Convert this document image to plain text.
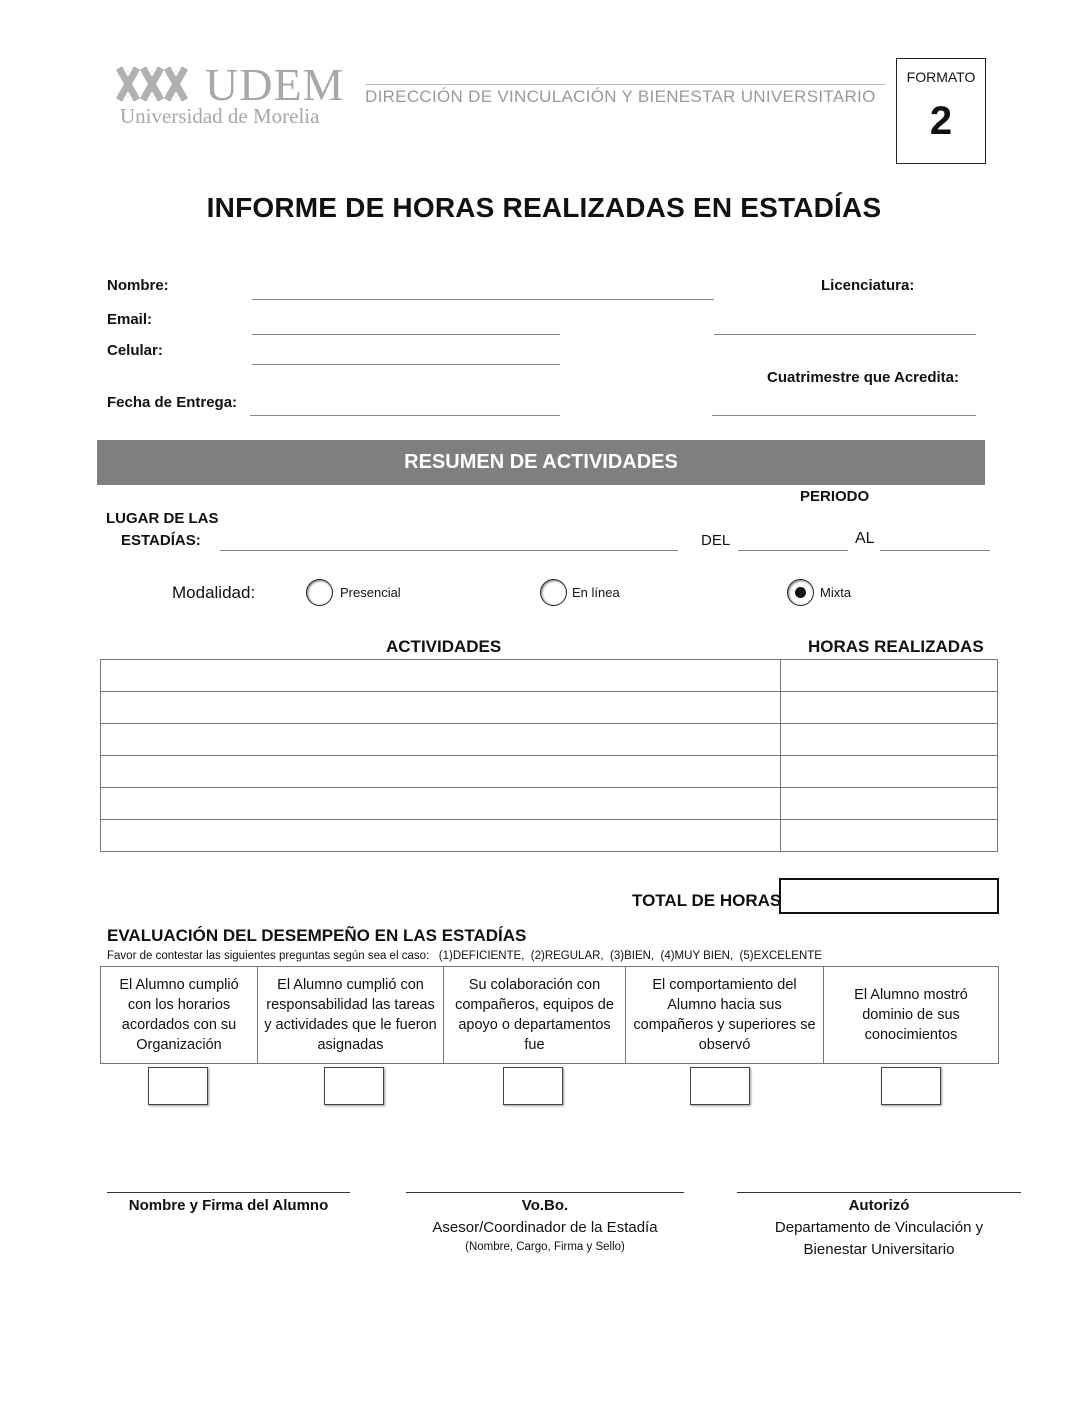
UDEM
Universidad de Morelia
DIRECCIÓN DE VINCULACIÓN Y BIENESTAR UNIVERSITARIO
FORMATO
2
INFORME DE HORAS REALIZADAS EN ESTADÍAS
Nombre:	Licenciatura:
Email:
Celular:
Cuatrimestre que Acredita:
Fecha de Entrega:
RESUMEN DE ACTIVIDADES
PERIODO
LUGAR DE LAS
ESTADÍAS:	DEL	AL
Modalidad:	Presencial	En línea	Mixta
ACTIVIDADES	HORAS REALIZADAS

TOTAL DE HORAS
EVALUACIÓN DEL DESEMPEÑO EN LAS ESTADÍAS
Favor de contestar las siguientes preguntas según sea el caso:   (1)DEFICIENTE,  (2)REGULAR,  (3)BIEN,  (4)MUY BIEN,  (5)EXCELENTE
El Alumno cumplió con los horarios acordados con su Organización	El Alumno cumplió con responsabilidad las tareas y actividades que le fueron asignadas	Su colaboración con compañeros, equipos de apoyo o departamentos fue	El comportamiento del Alumno hacia sus compañeros y superiores se observó	El Alumno mostró dominio de sus conocimientos
Nombre y Firma del Alumno	Vo.Bo.
Asesor/Coordinador de la Estadía
(Nombre, Cargo, Firma y Sello)
Autorizó
Departamento de Vinculación y
Bienestar Universitario
